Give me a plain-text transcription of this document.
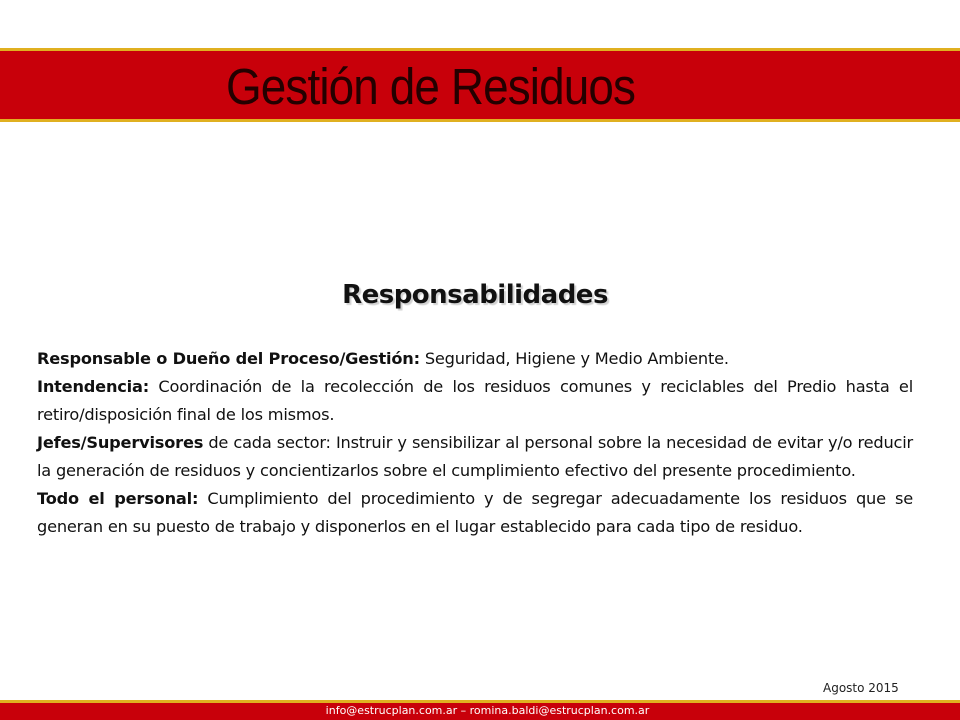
Gestión de Residuos
Responsabilidades

Responsable o Dueño del Proceso/Gestión: Seguridad, Higiene y Medio Ambiente.

Intendencia: Coordinación de la recolección de los residuos comunes y reciclables del Predio hasta el retiro/disposición final de los mismos.

Jefes/Supervisores de cada sector: Instruir y sensibilizar al personal sobre la necesidad de evitar y/o reducir la generación de residuos y concientizarlos sobre el cumplimiento efectivo del presente procedimiento.

Todo el personal: Cumplimiento del procedimiento y de segregar adecuadamente los residuos que se generan en su puesto de trabajo y disponerlos en el lugar establecido para cada tipo de residuo.

Agosto 2015
info@estrucplan.com.ar – romina.baldi@estrucplan.com.ar
